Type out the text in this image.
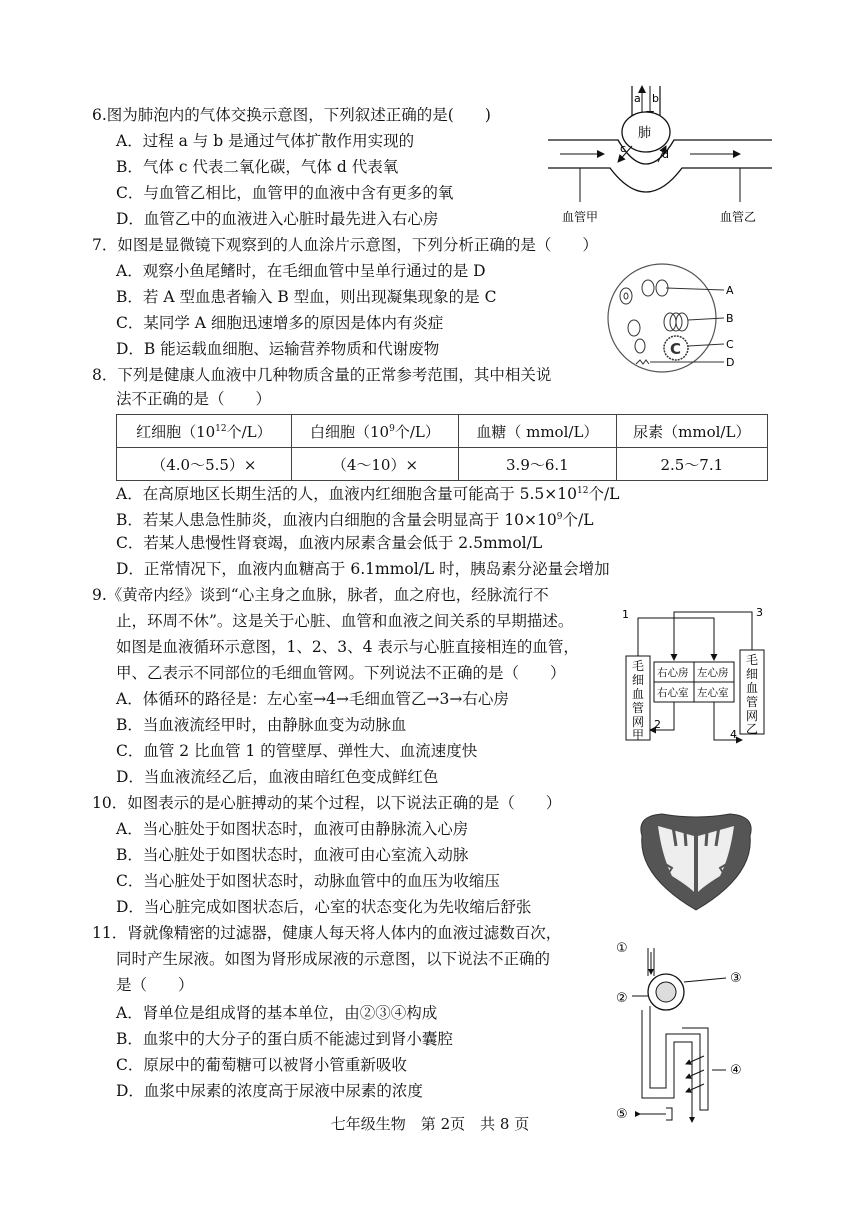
6.图为肺泡内的气体交换示意图，下列叙述正确的是(　　)
A．过程 a 与 b 是通过气体扩散作用实现的
B．气体 c 代表二氧化碳，气体 d 代表氧
C．与血管乙相比，血管甲的血液中含有更多的氧
D．血管乙中的血液进入心脏时最先进入右心房
a b
肺
c	d
血管甲	血管乙
7．如图是显微镜下观察到的人血涂片示意图，下列分析正确的是（　　）
A．观察小鱼尾鳍时，在毛细血管中呈单行通过的是 D
B．若 A 型血患者输入 B 型血，则出现凝集现象的是 C
C．某同学 A 细胞迅速增多的原因是体内有炎症
D．B 能运载血细胞、运输营养物质和代谢废物	C
A
B
C
D
8．下列是健康人血液中几种物质含量的正常参考范围，其中相关说
法不正确的是（　　）
红细胞（$10^{12}$个/L）	白细胞（$10^9$个/L）	血糖（ mmol/L）	尿素（mmol/L）
（4.0～5.5）×	（4～10）×	3.9～6.1	2.5～7.1
A．在高原地区长期生活的人，血液内红细胞含量可能高于 $5.5\times 10^{12}$个/L
B．若某人患急性肺炎，血液内白细胞的含量会明显高于 $10\times 10^9$个/L
C．若某人患慢性肾衰竭，血液内尿素含量会低于 2.5mmol/L
D．正常情况下，血液内血糖高于 6.1mmol/L 时，胰岛素分泌量会增加
9.《黄帝内经》谈到“心主身之血脉，脉者，血之府也，经脉流行不
止，环周不休”。这是关于心脏、血管和血液之间关系的早期描述。
如图是血液循环示意图，1、2、3、4 表示与心脏直接相连的血管，
甲、乙表示不同部位的毛细血管网。下列说法不正确的是（　　）
A．体循环的路径是：左心室→4→毛细血管乙→3→右心房
B．当血液流经甲时，由静脉血变为动脉血
C．血管 2 比血管 1 的管壁厚、弹性大、血流速度快
D．当血液流经乙后，血液由暗红色变成鲜红色
毛
细
血
管
网
甲
毛
细
血
管
网
乙
右心房 左心房
右心室 左心室
1	3
2
4
10．如图表示的是心脏搏动的某个过程，以下说法正确的是（　　）
A．当心脏处于如图状态时，血液可由静脉流入心房
B．当心脏处于如图状态时，血液可由心室流入动脉
C．当心脏处于如图状态时，动脉血管中的血压为收缩压
D．当心脏完成如图状态后，心室的状态变化为先收缩后舒张
11．肾就像精密的过滤器，健康人每天将人体内的血液过滤数百次，
同时产生尿液。如图为肾形成尿液的示意图，以下说法不正确的
是（　　）
A．肾单位是组成肾的基本单位，由②③④构成
B．血浆中的大分子的蛋白质不能滤过到肾小囊腔
C．原尿中的葡萄糖可以被肾小管重新吸收
D．血浆中尿素的浓度高于尿液中尿素的浓度
①
②
③
④
⑤
七年级生物　第 2页　共 8 页
